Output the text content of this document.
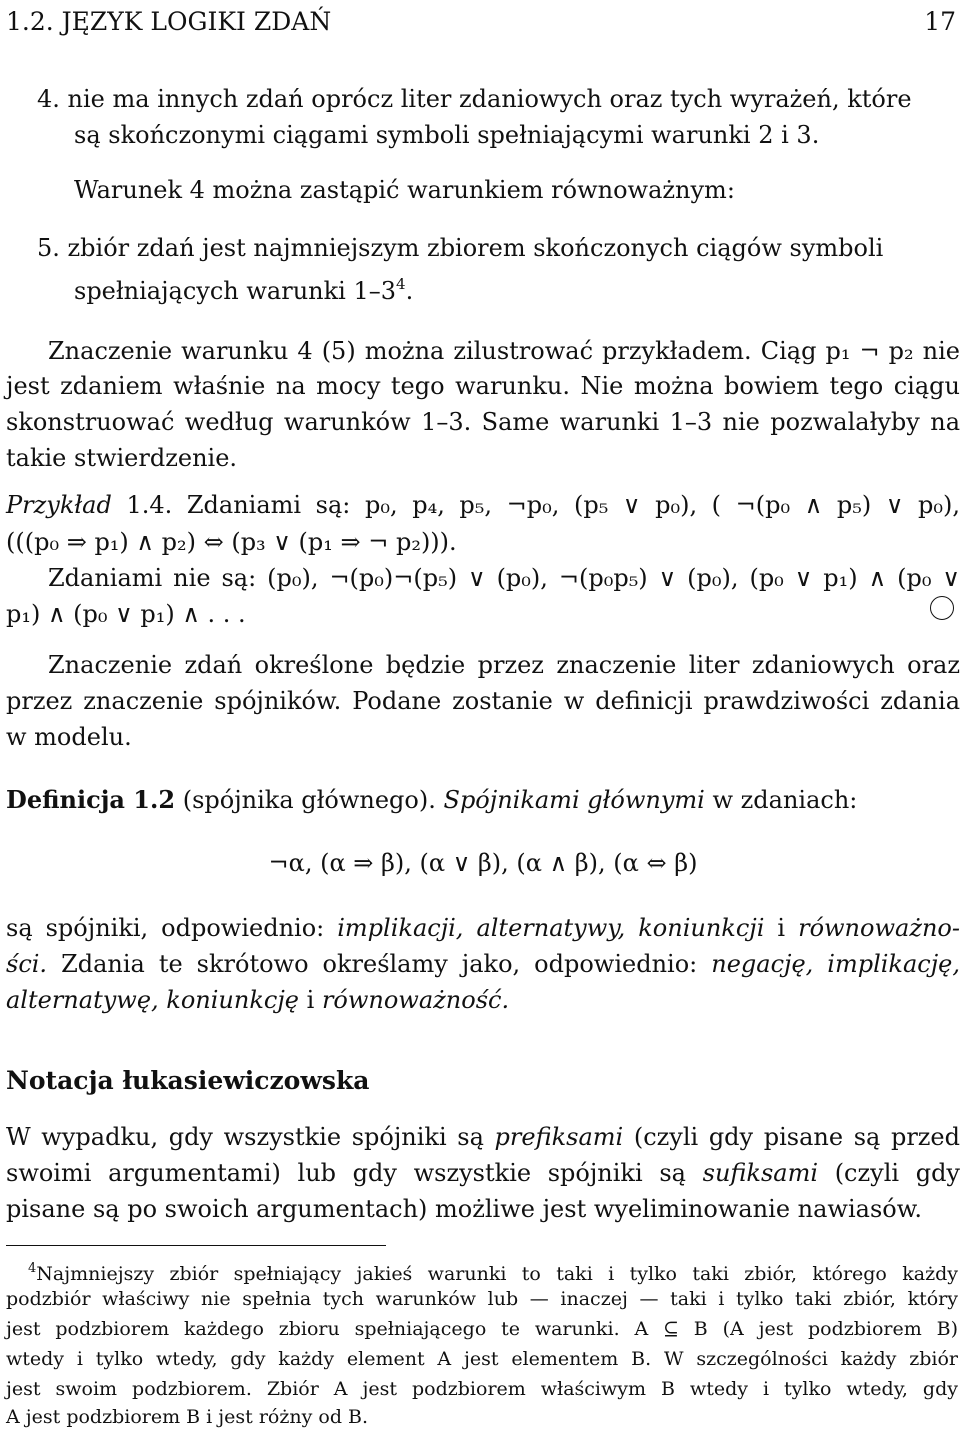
1.2. JĘZYK LOGIKI ZDAŃ	17
4. nie ma innych zdań oprócz liter zdaniowych oraz tych wyrażeń, które
są skończonymi ciągami symboli spełniającymi warunki 2 i 3.
Warunek 4 można zastąpić warunkiem równoważnym:
5. zbiór zdań jest najmniejszym zbiorem skończonych ciągów symboli
spełniających warunki $1-3^4$.
Znaczenie warunku 4 (5) można zilustrować przykładem. Ciąg p₁ ¬ p₂ nie
jest zdaniem właśnie na mocy tego warunku. Nie można bowiem tego ciągu
skonstruować według warunków 1–3. Same warunki 1–3 nie pozwalałyby na
takie stwierdzenie.
Przykład 1.4. Zdaniami są: p₀, p₄, p₅, ¬p₀, (p₅ ∨ p₀), ( ¬(p₀ ∧ p₅) ∨ p₀),
(((p₀ ⇒ p₁) ∧ p₂) ⇔ (p₃ ∨ (p₁ ⇒ ¬ p₂))).
Zdaniami nie są: (p₀), ¬(p₀)¬(p₅) ∨ (p₀), ¬(p₀p₅) ∨ (p₀), (p₀ ∨ p₁) ∧ (p₀ ∨
p₁) ∧ (p₀ ∨ p₁) ∧ . . .
Znaczenie zdań określone będzie przez znaczenie liter zdaniowych oraz
przez znaczenie spójników. Podane zostanie w definicji prawdziwości zdania
w modelu.
Definicja 1.2 (spójnika głównego). Spójnikami głównymi w zdaniach:
¬α, (α ⇒ β), (α ∨ β), (α ∧ β), (α ⇔ β)
są spójniki, odpowiednio: implikacji, alternatywy, koniunkcji i równoważno-
ści. Zdania te skrótowo określamy jako, odpowiednio: negację, implikację,
alternatywę, koniunkcję i równoważność.
Notacja łukasiewiczowska
W wypadku, gdy wszystkie spójniki są prefiksami (czyli gdy pisane są przed
swoimi argumentami) lub gdy wszystkie spójniki są sufiksami (czyli gdy
pisane są po swoich argumentach) możliwe jest wyeliminowanie nawiasów.
$^4$Najmniejszy zbiór spełniający jakieś warunki to taki i tylko taki zbiór, którego każdy
podzbiór właściwy nie spełnia tych warunków lub — inaczej — taki i tylko taki zbiór, który
jest podzbiorem każdego zbioru spełniającego te warunki. A ⊆ B (A jest podzbiorem B)
wtedy i tylko wtedy, gdy każdy element A jest elementem B. W szczególności każdy zbiór
jest swoim podzbiorem. Zbiór A jest podzbiorem właściwym B wtedy i tylko wtedy, gdy
A jest podzbiorem B i jest różny od B.
